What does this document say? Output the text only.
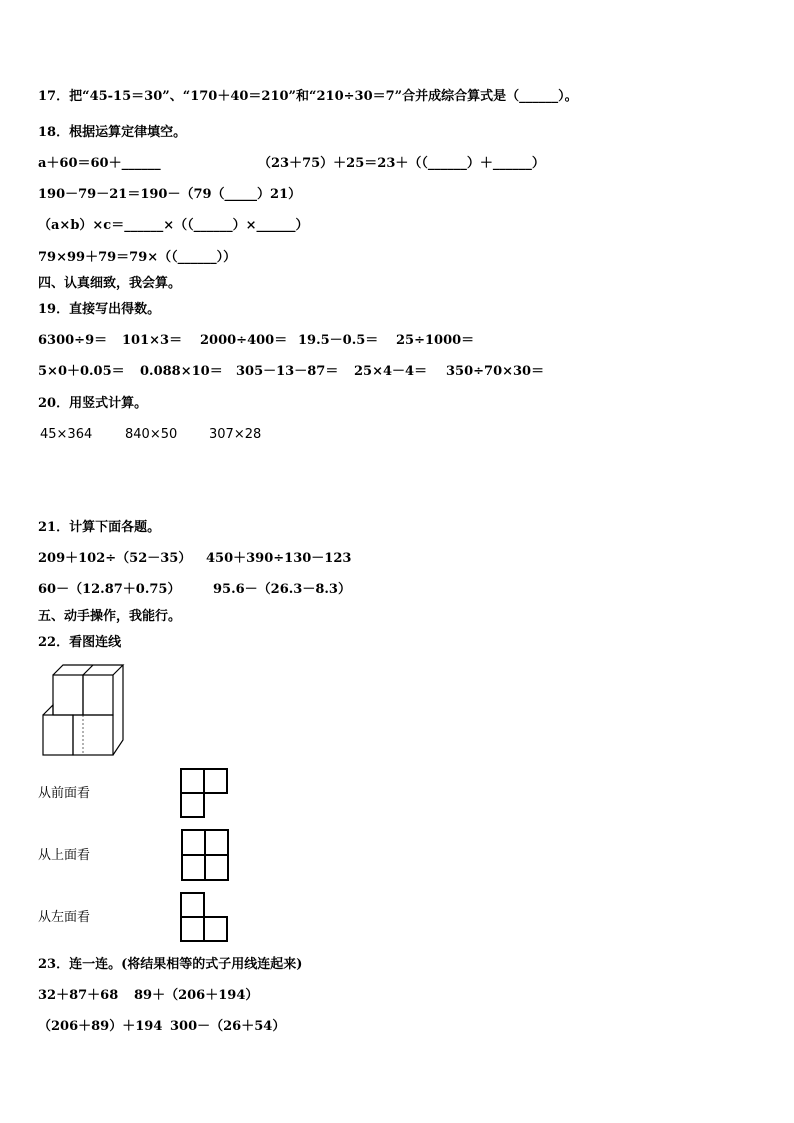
17．把“45-15＝30”、“170＋40＝210”和“210÷30＝7”合并成综合算式是（______）。
18．根据运算定律填空。
a＋60＝60＋______	（23＋75）＋25＝23＋（（______）＋______）
190－79－21＝190－（79（_____）21）
（a×b）×c＝______×（（______）×______）
79×99＋79＝79×（（______））
四、认真细致，我会算。
19．直接写出得数。
6300÷9＝ 101×3＝ 2000÷400＝ 19.5－0.5＝ 25÷1000＝
5×0＋0.05＝ 0.088×10＝ 305－13－87＝ 25×4－4＝ 350÷70×30＝
20．用竖式计算。
45×364	840×50 307×28
21．计算下面各题。
209＋102÷（52－35） 450＋390÷130－123
60－（12.87＋0.75）	95.6－（26.3－8.3）
五、动手操作，我能行。
22．看图连线
从前面看
从上面看
从左面看
23．连一连。(将结果相等的式子用线连起来)
32＋87＋68 89＋（206＋194）
（206＋89）＋194 300－（26＋54）
